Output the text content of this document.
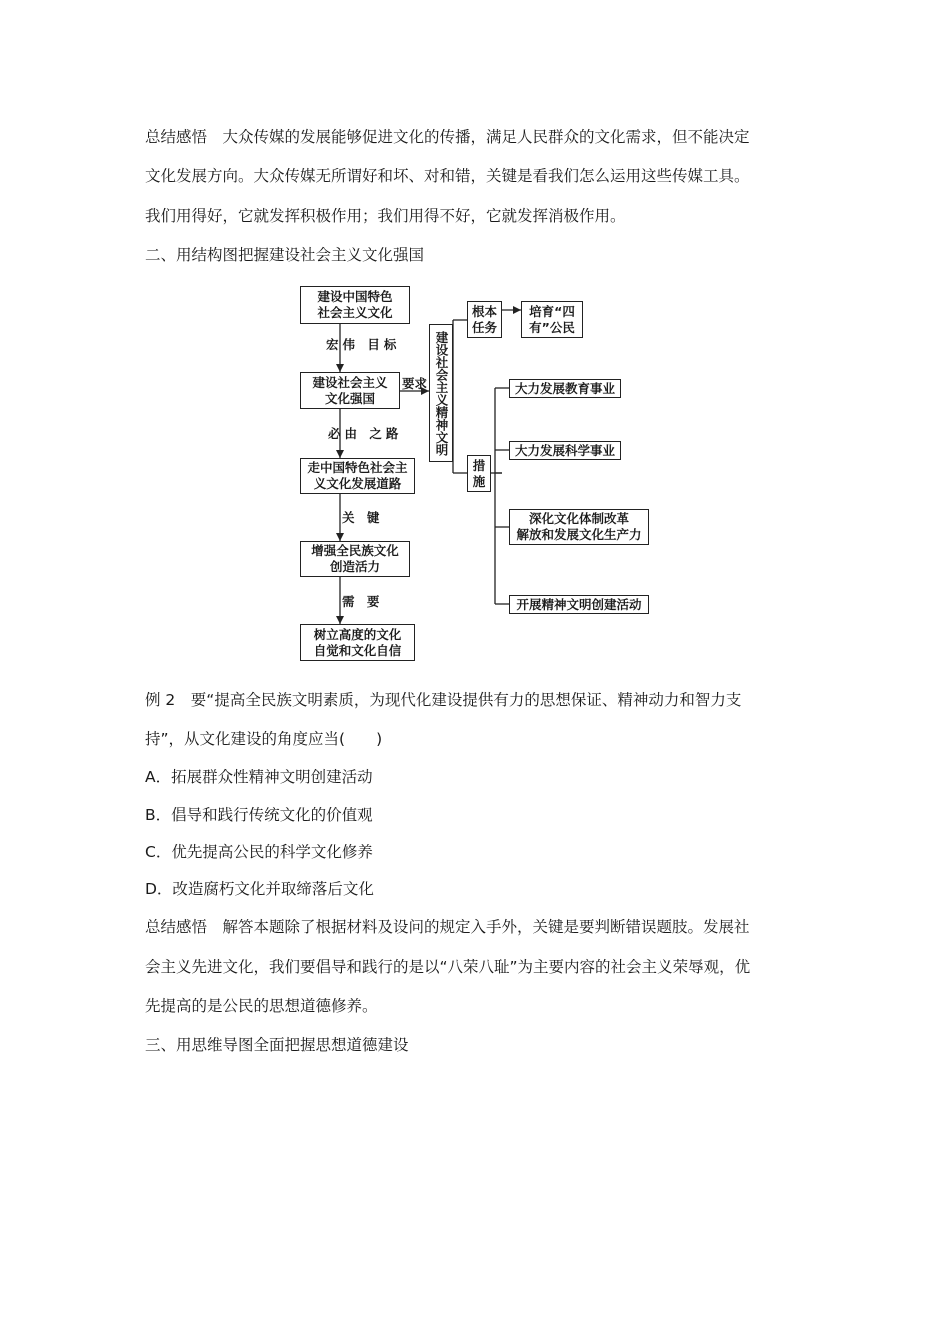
总结感悟　大众传媒的发展能够促进文化的传播，满足人民群众的文化需求，但不能决定
文化发展方向。大众传媒无所谓好和坏、对和错，关键是看我们怎么运用这些传媒工具。
我们用得好，它就发挥积极作用；我们用得不好，它就发挥消极作用。
二、用结构图把握建设社会主义文化强国
建设中国特色
社会主义文化
宏伟 目标
建设社会主义
文化强国
要求
必由 之路
走中国特色社会主
义文化发展道路
关 键
增强全民族文化
创造活力
需 要
树立高度的文化
自觉和文化自信
建设社会主义精神文明
根本
任务
培育“四
有”公民
措
施
大力发展教育事业
大力发展科学事业
深化文化体制改革
解放和发展文化生产力
开展精神文明创建活动
例 2　要“提高全民族文明素质，为现代化建设提供有力的思想保证、精神动力和智力支
持”，从文化建设的角度应当(　　)
A．拓展群众性精神文明创建活动
B．倡导和践行传统文化的价值观
C．优先提高公民的科学文化修养
D．改造腐朽文化并取缔落后文化
总结感悟　解答本题除了根据材料及设问的规定入手外，关键是要判断错误题肢。发展社
会主义先进文化，我们要倡导和践行的是以“八荣八耻”为主要内容的社会主义荣辱观，优
先提高的是公民的思想道德修养。
三、用思维导图全面把握思想道德建设
